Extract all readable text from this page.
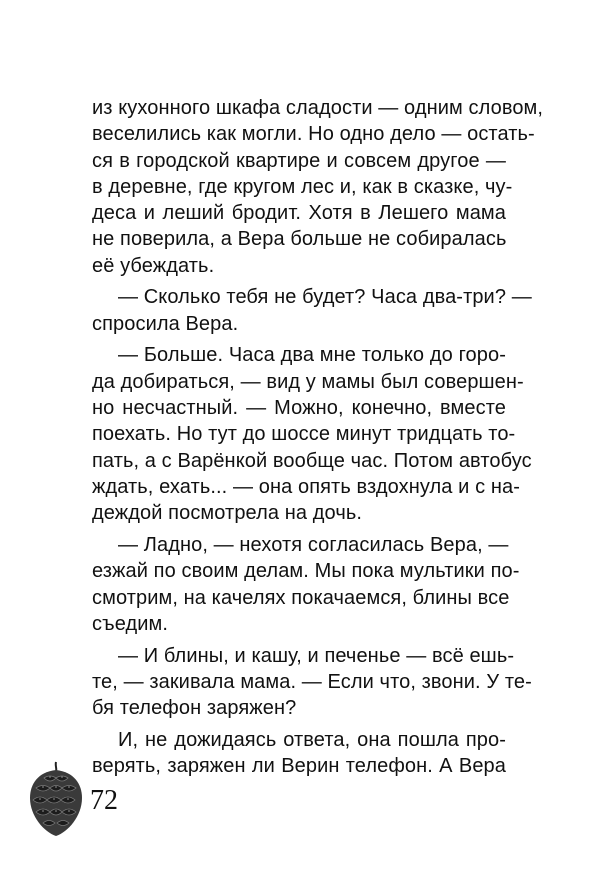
из кухонного шкафа сладости — одним словом,
веселились как могли. Но одно дело — остать-
ся в городской квартире и совсем другое —
в деревне, где кругом лес и, как в сказке, чу-
деса и леший бродит. Хотя в Лешего мама
не поверила, а Вера больше не собиралась
её убеждать.
— Сколько тебя не будет? Часа два-три? —
спросила Вера.
— Больше. Часа два мне только до горо-
да добираться, — вид у мамы был совершен-
но несчастный. — Можно, конечно, вместе
поехать. Но тут до шоссе минут тридцать то-
пать, а с Варёнкой вообще час. Потом автобус
ждать, ехать... — она опять вздохнула и с на-
деждой посмотрела на дочь.
— Ладно, — нехотя согласилась Вера, —
езжай по своим делам. Мы пока мультики по-
смотрим, на качелях покачаемся, блины все
съедим.
— И блины, и кашу, и печенье — всё ешь-
те, — закивала мама. — Если что, звони. У те-
бя телефон заряжен?
И, не дожидаясь ответа, она пошла про-
верять, заряжен ли Верин телефон. А Вера
72
